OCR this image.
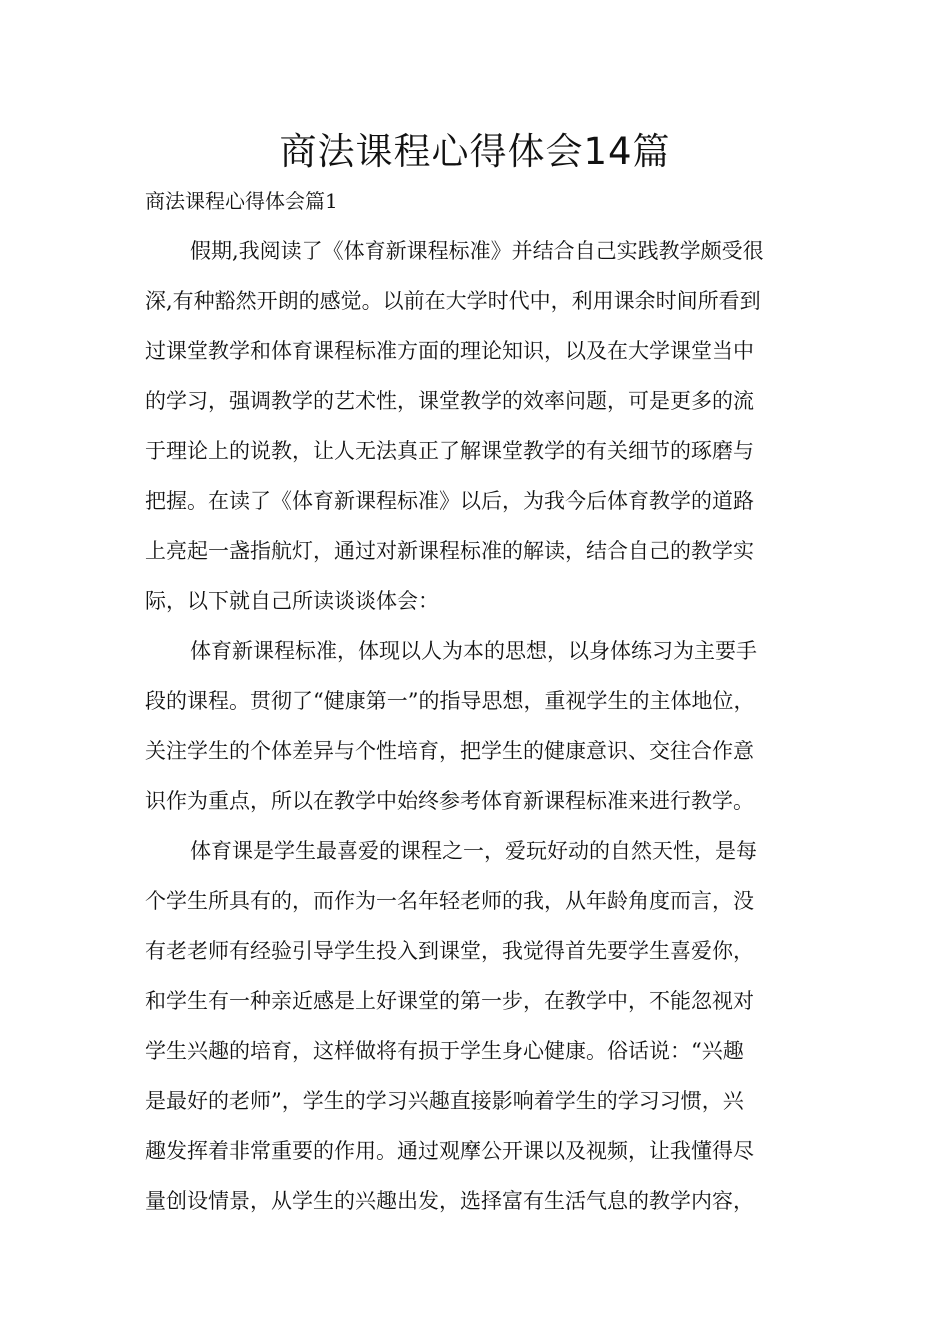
商法课程心得体会14篇
商法课程心得体会篇1

假期,我阅读了《体育新课程标准》并结合自己实践教学颇受很

深,有种豁然开朗的感觉。以前在大学时代中，利用课余时间所看到

过课堂教学和体育课程标准方面的理论知识，以及在大学课堂当中

的学习，强调教学的艺术性，课堂教学的效率问题，可是更多的流

于理论上的说教，让人无法真正了解课堂教学的有关细节的琢磨与

把握。在读了《体育新课程标准》以后，为我今后体育教学的道路

上亮起一盏指航灯，通过对新课程标准的解读，结合自己的教学实

际，以下就自己所读谈谈体会：

体育新课程标准，体现以人为本的思想，以身体练习为主要手

段的课程。贯彻了“健康第一”的指导思想，重视学生的主体地位，

关注学生的个体差异与个性培育，把学生的健康意识、交往合作意

识作为重点，所以在教学中始终参考体育新课程标准来进行教学。

体育课是学生最喜爱的课程之一，爱玩好动的自然天性，是每

个学生所具有的，而作为一名年轻老师的我，从年龄角度而言，没

有老老师有经验引导学生投入到课堂，我觉得首先要学生喜爱你，

和学生有一种亲近感是上好课堂的第一步，在教学中，不能忽视对

学生兴趣的培育，这样做将有损于学生身心健康。俗话说：“兴趣

是最好的老师”，学生的学习兴趣直接影响着学生的学习习惯，兴

趣发挥着非常重要的作用。通过观摩公开课以及视频，让我懂得尽

量创设情景，从学生的兴趣出发，选择富有生活气息的教学内容，
